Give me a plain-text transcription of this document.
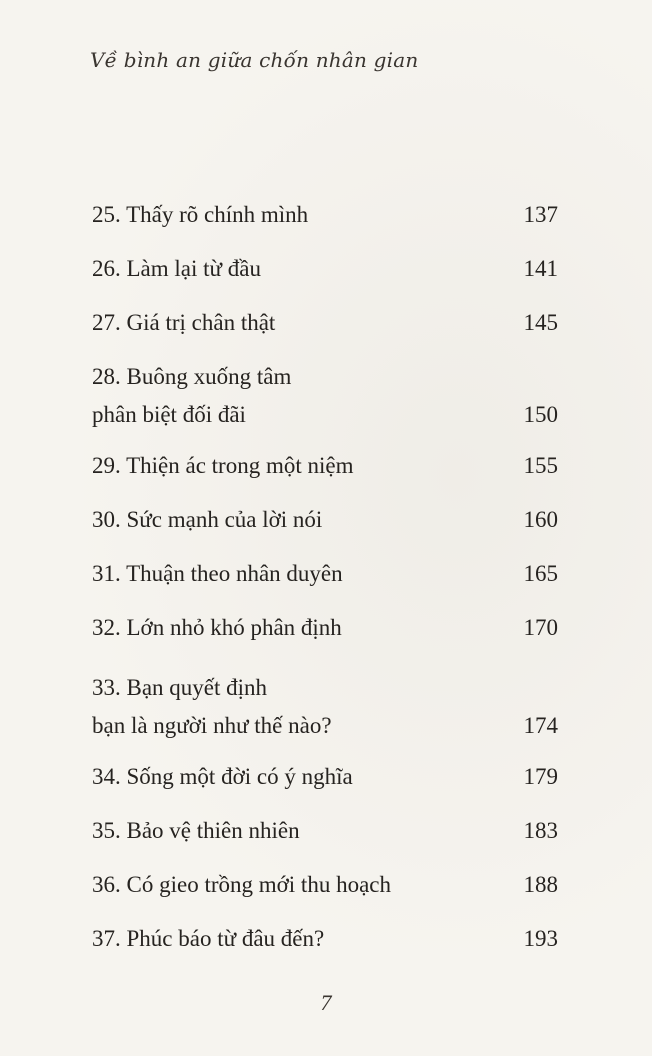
Về bình an giữa chốn nhân gian
25. Thấy rõ chính mình	137
26. Làm lại từ đầu	141
27. Giá trị chân thật	145
28. Buông xuống tâm
phân biệt đối đãi	150
29. Thiện ác trong một niệm	155
30. Sức mạnh của lời nói	160
31. Thuận theo nhân duyên	165
32. Lớn nhỏ khó phân định	170
33. Bạn quyết định
bạn là người như thế nào?	174
34. Sống một đời có ý nghĩa	179
35. Bảo vệ thiên nhiên	183
36. Có gieo trồng mới thu hoạch	188
37. Phúc báo từ đâu đến?	193
7
